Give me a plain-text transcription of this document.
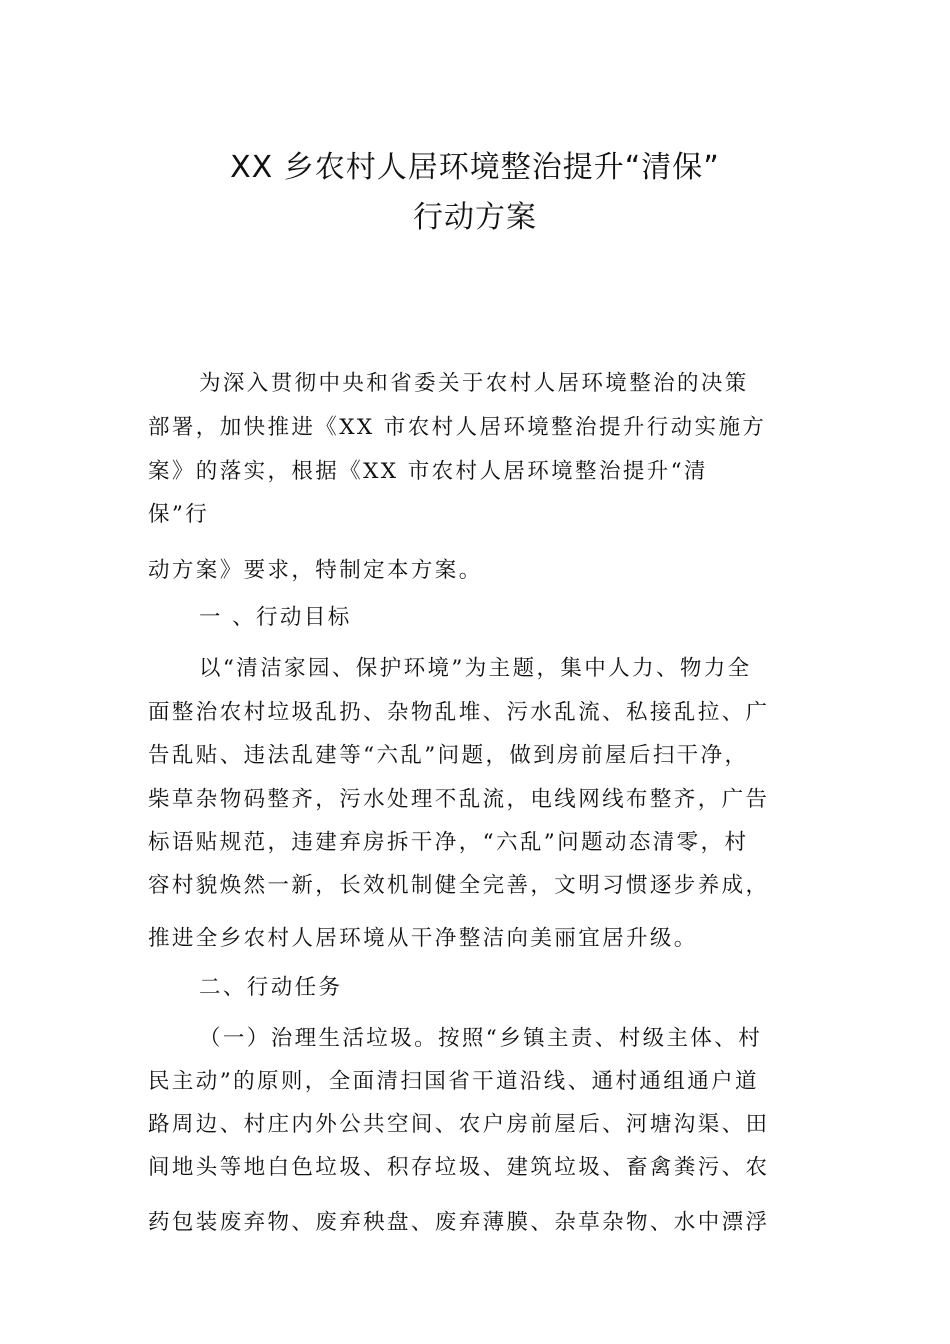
XX 乡农村人居环境整治提升“清保”
行动方案
为深入贯彻中央和省委关于农村人居环境整治的决策
部署，加快推进《XX 市农村人居环境整治提升行动实施方
案》的落实，根据《XX 市农村人居环境整治提升“清
保”行
动方案》要求，特制定本方案。
一 、行动目标
以“清洁家园、保护环境”为主题，集中人力、物力全
面整治农村垃圾乱扔、杂物乱堆、污水乱流、私接乱拉、广
告乱贴、违法乱建等“六乱”问题，做到房前屋后扫干净，
柴草杂物码整齐，污水处理不乱流，电线网线布整齐，广告
标语贴规范，违建弃房拆干净，“六乱”问题动态清零，村
容村貌焕然一新，长效机制健全完善，文明习惯逐步养成，
推进全乡农村人居环境从干净整洁向美丽宜居升级。
二、行动任务
（一）治理生活垃圾。按照“乡镇主责、村级主体、村
民主动”的原则，全面清扫国省干道沿线、通村通组通户道
路周边、村庄内外公共空间、农户房前屋后、河塘沟渠、田
间地头等地白色垃圾、积存垃圾、建筑垃圾、畜禽粪污、农
药包装废弃物、废弃秧盘、废弃薄膜、杂草杂物、水中漂浮
